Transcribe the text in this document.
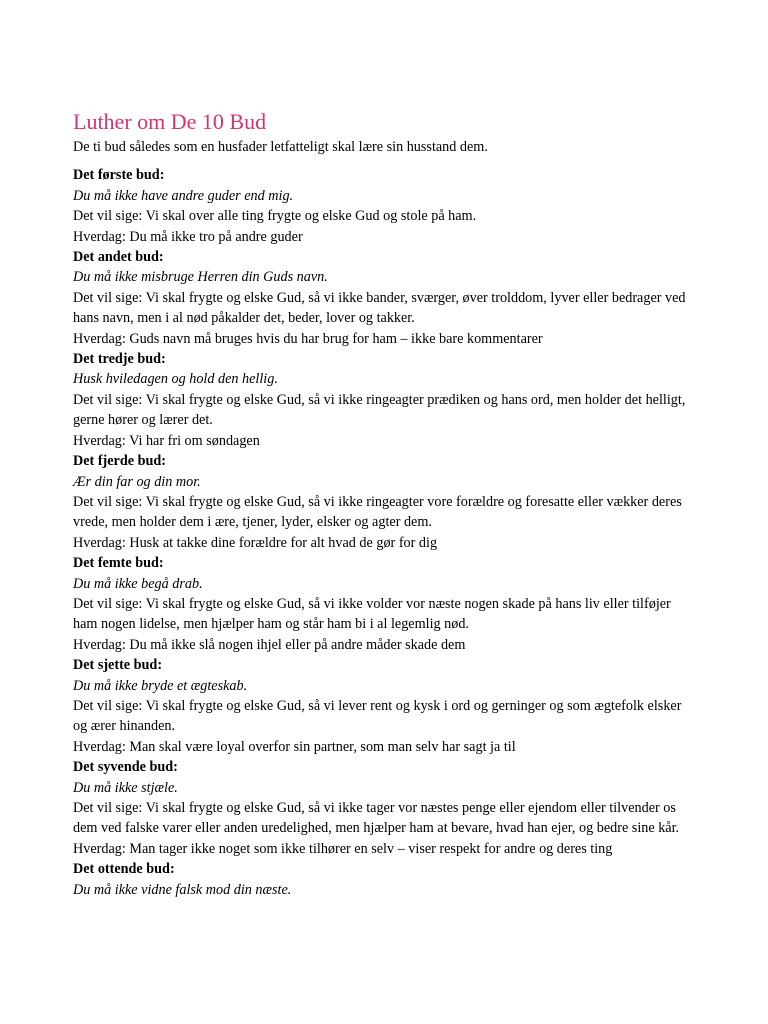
Luther om De 10 Bud
De ti bud således som en husfader letfatteligt skal lære sin husstand dem.
Det første bud:
Du må ikke have andre guder end mig.
Det vil sige: Vi skal over alle ting frygte og elske Gud og stole på ham.
Hverdag: Du må ikke tro på andre guder
Det andet bud:
Du må ikke misbruge Herren din Guds navn.
Det vil sige: Vi skal frygte og elske Gud, så vi ikke bander, sværger, øver trolddom, lyver eller bedrager ved hans navn, men i al nød påkalder det, beder, lover og takker.
Hverdag: Guds navn må bruges hvis du har brug for ham – ikke bare kommentarer
Det tredje bud:
Husk hviledagen og hold den hellig.
Det vil sige: Vi skal frygte og elske Gud, så vi ikke ringeagter prædiken og hans ord, men holder det helligt, gerne hører og lærer det.
Hverdag: Vi har fri om søndagen
Det fjerde bud:
Ær din far og din mor.
Det vil sige: Vi skal frygte og elske Gud, så vi ikke ringeagter vore forældre og foresatte eller vækker deres vrede, men holder dem i ære, tjener, lyder, elsker og agter dem.
Hverdag: Husk at takke dine forældre for alt hvad de gør for dig
Det femte bud:
Du må ikke begå drab.
Det vil sige: Vi skal frygte og elske Gud, så vi ikke volder vor næste nogen skade på hans liv eller tilføjer ham nogen lidelse, men hjælper ham og står ham bi i al legemlig nød.
Hverdag: Du må ikke slå nogen ihjel eller på andre måder skade dem
Det sjette bud:
Du må ikke bryde et ægteskab.
Det vil sige: Vi skal frygte og elske Gud, så vi lever rent og kysk i ord og gerninger og som ægtefolk elsker og ærer hinanden.
Hverdag: Man skal være loyal overfor sin partner, som man selv har sagt ja til
Det syvende bud:
Du må ikke stjæle.
Det vil sige: Vi skal frygte og elske Gud, så vi ikke tager vor næstes penge eller ejendom eller tilvender os dem ved falske varer eller anden uredelighed, men hjælper ham at bevare, hvad han ejer, og bedre sine kår.
Hverdag: Man tager ikke noget som ikke tilhører en selv – viser respekt for andre og deres ting
Det ottende bud:
Du må ikke vidne falsk mod din næste.
